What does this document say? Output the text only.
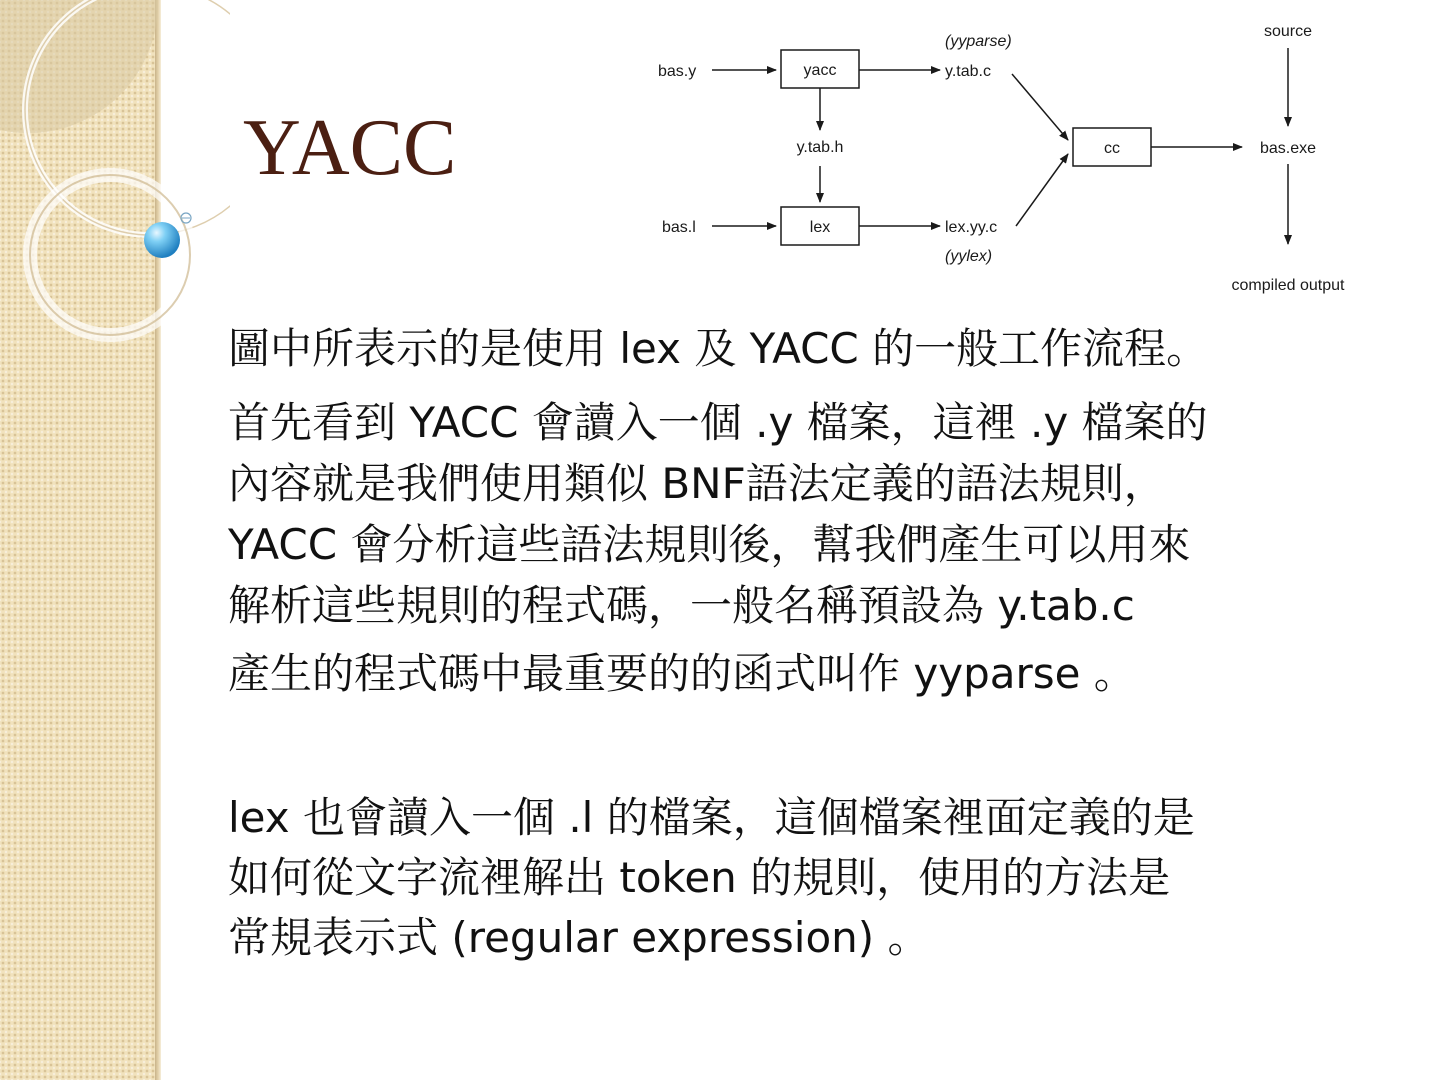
YACC
bas.y	yacc
(yyparse)
y.tab.c
y.tab.h
bas.l	lex	lex.yy.c
(yylex)
cc
source
bas.exe
compiled output

圖中所表示的是使用 lex 及 YACC 的一般工作流程。

首先看到 YACC 會讀入一個 .y 檔案，這裡 .y 檔案的
內容就是我們使用類似 BNF語法定義的語法規則，
YACC 會分析這些語法規則後，幫我們產生可以用來
解析這些規則的程式碼，一般名稱預設為 y.tab.c

產生的程式碼中最重要的的函式叫作 yyparse 。

lex 也會讀入一個 .l 的檔案，這個檔案裡面定義的是
如何從文字流裡解出 token 的規則，使用的方法是
常規表示式 (regular expression) 。
